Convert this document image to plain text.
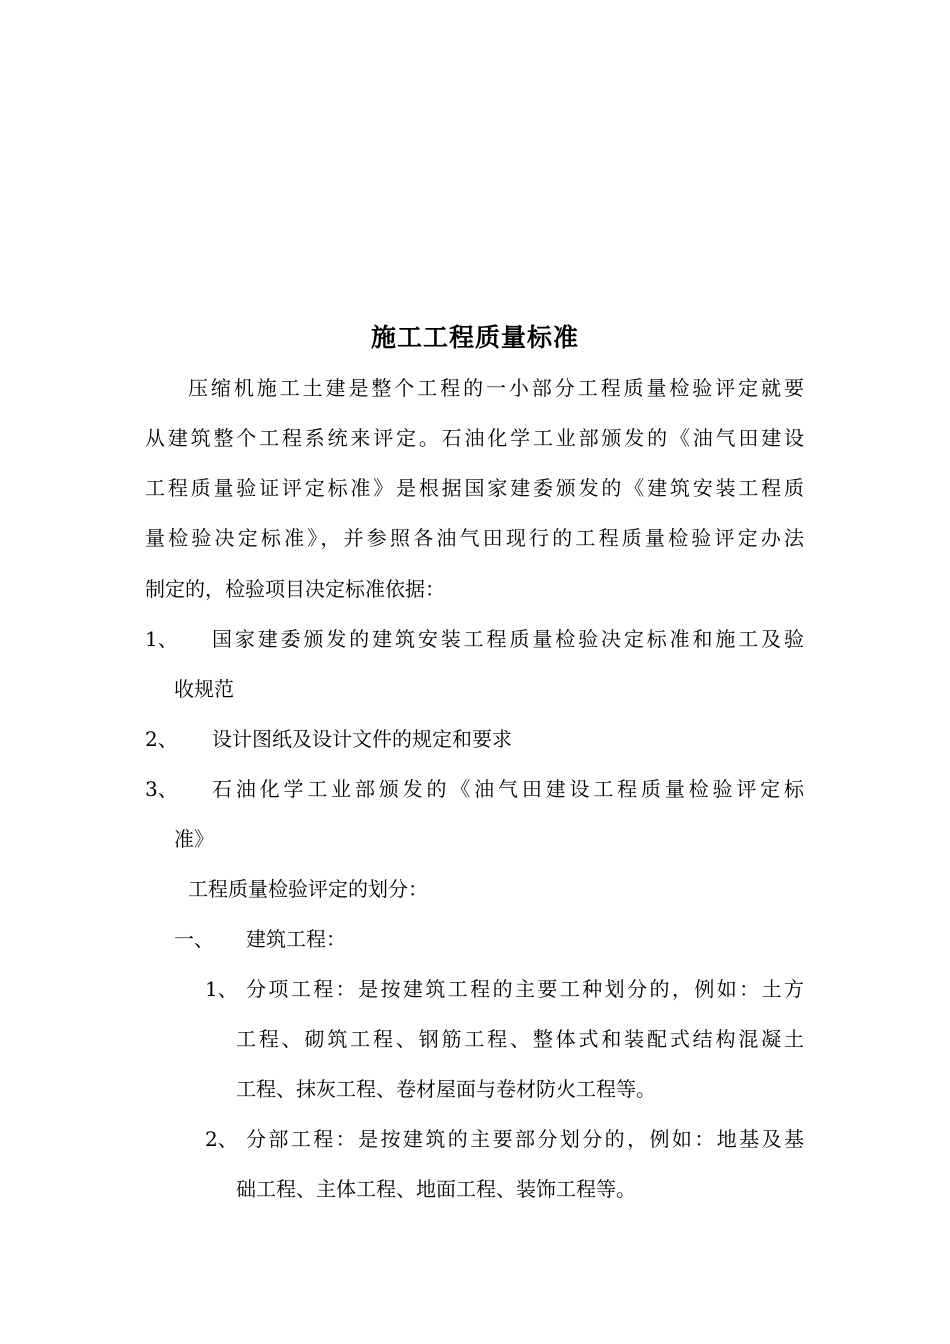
施工工程质量标准
压缩机施工土建是整个工程的一小部分工程质量检验评定就要
从建筑整个工程系统来评定。石油化学工业部颁发的《油气田建设
工程质量验证评定标准》是根据国家建委颁发的《建筑安装工程质
量检验决定标准》，并参照各油气田现行的工程质量检验评定办法
制定的，检验项目决定标准依据：
1、 国家建委颁发的建筑安装工程质量检验决定标准和施工及验
收规范
2、 设计图纸及设计文件的规定和要求
3、 石油化学工业部颁发的《油气田建设工程质量检验评定标
准》
工程质量检验评定的划分：
一、 建筑工程：
1、 分项工程：是按建筑工程的主要工种划分的，例如：土方
工程、砌筑工程、钢筋工程、整体式和装配式结构混凝土
工程、抹灰工程、卷材屋面与卷材防火工程等。
2、 分部工程：是按建筑的主要部分划分的，例如：地基及基
础工程、主体工程、地面工程、装饰工程等。
